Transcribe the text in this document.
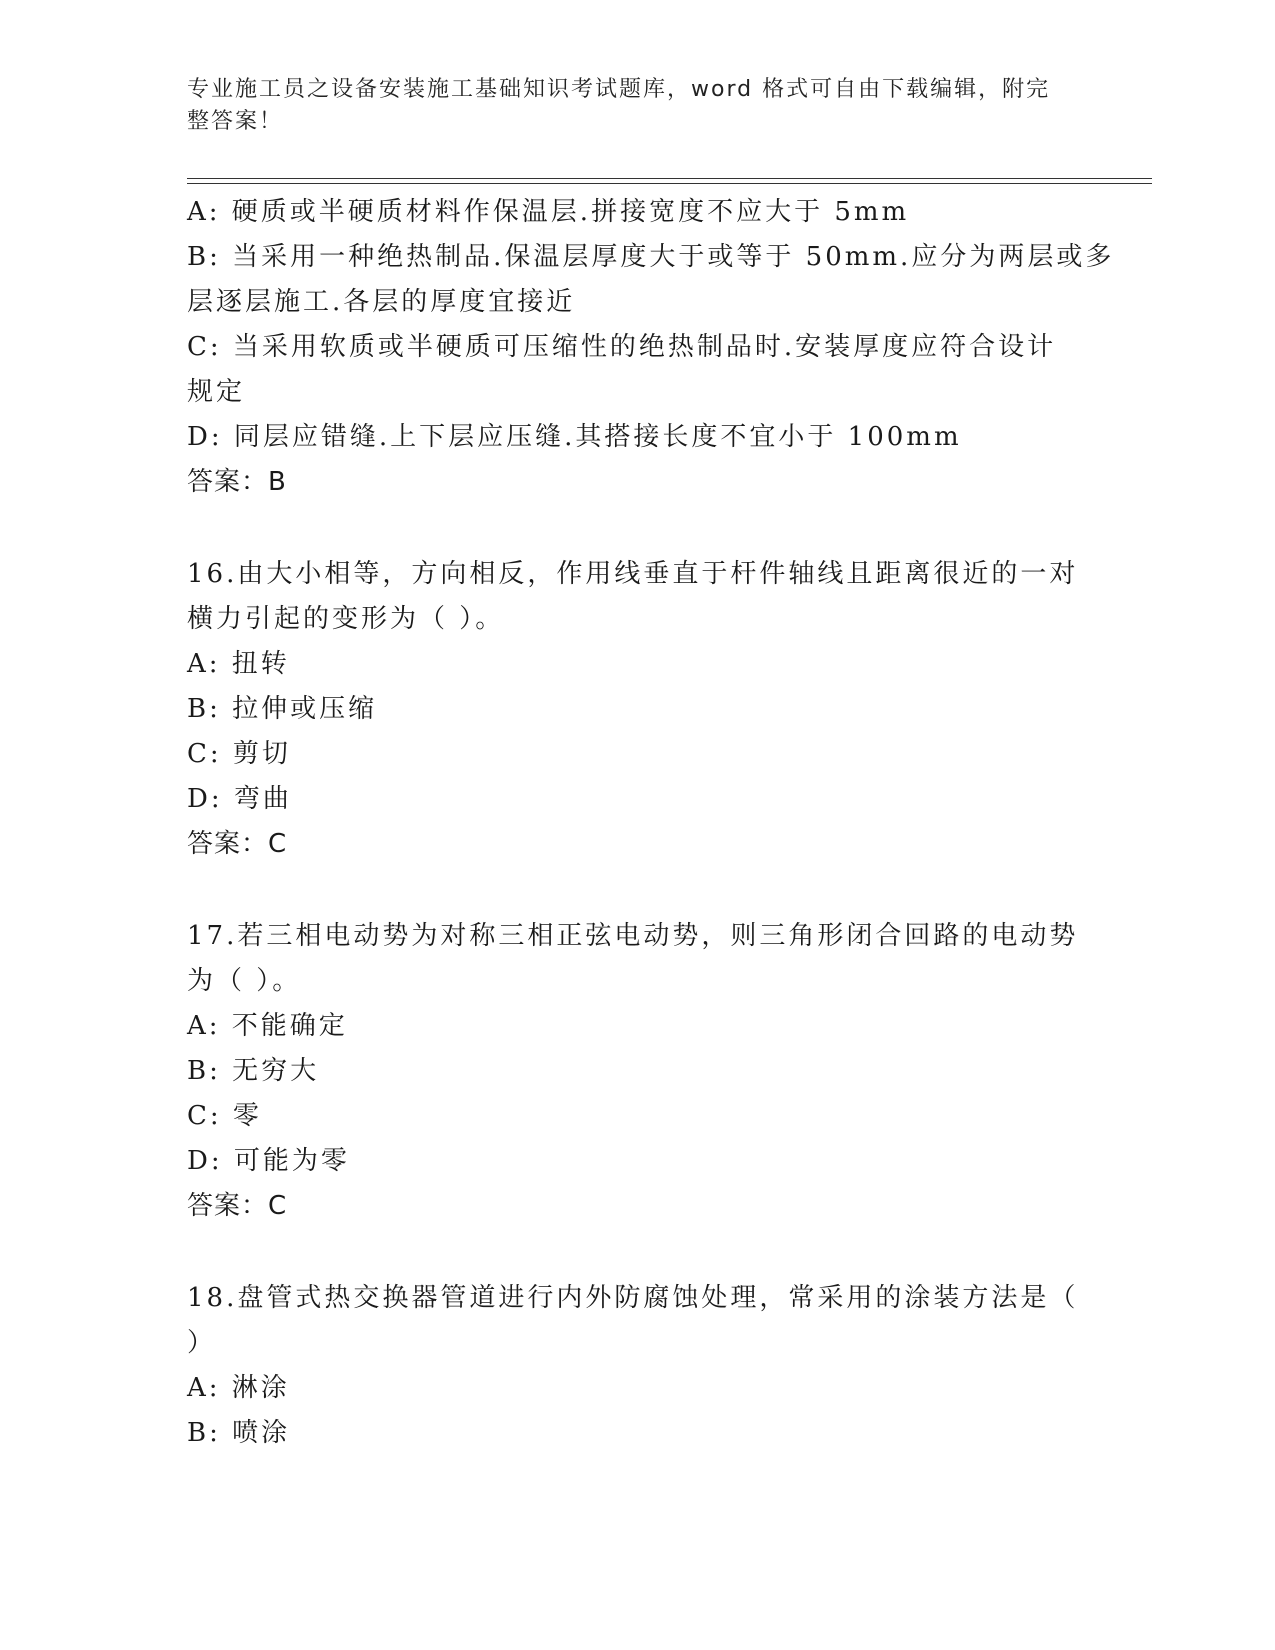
专业施工员之设备安装施工基础知识考试题库，word 格式可自由下载编辑，附完
整答案！
A: 硬质或半硬质材料作保温层.拼接宽度不应大于 5mm
B: 当采用一种绝热制品.保温层厚度大于或等于 50mm.应分为两层或多
层逐层施工.各层的厚度宜接近
C: 当采用软质或半硬质可压缩性的绝热制品时.安装厚度应符合设计
规定
D: 同层应错缝.上下层应压缝.其搭接长度不宜小于 100mm
答案：B
16.由大小相等，方向相反，作用线垂直于杆件轴线且距离很近的一对
横力引起的变形为（ ）。
A: 扭转
B: 拉伸或压缩
C: 剪切
D: 弯曲
答案：C
17.若三相电动势为对称三相正弦电动势，则三角形闭合回路的电动势
为（ ）。
A: 不能确定
B: 无穷大
C: 零
D: 可能为零
答案：C
18.盘管式热交换器管道进行内外防腐蚀处理，常采用的涂装方法是（
）
A: 淋涂
B: 喷涂
